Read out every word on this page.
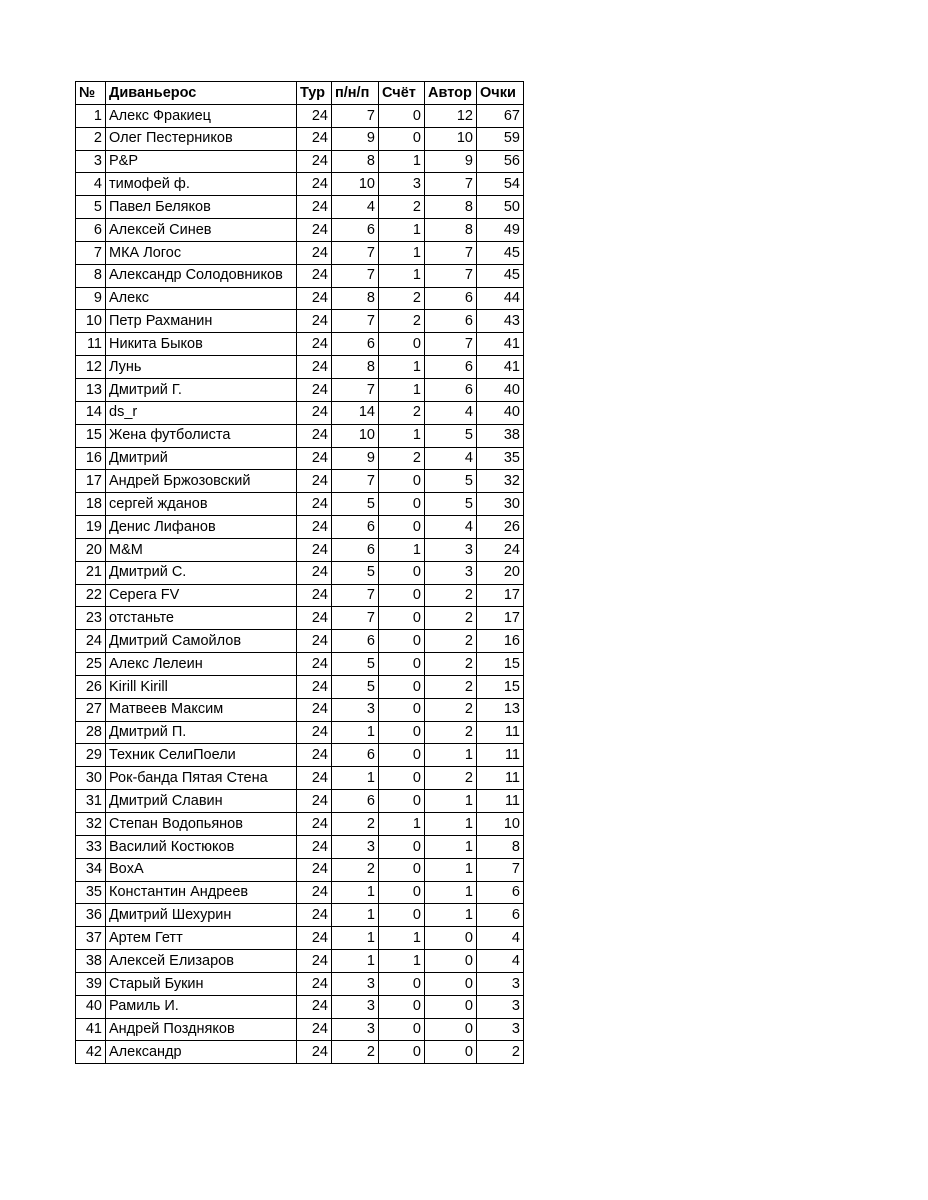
№	Диваньерос	Тур	п/н/п	Счёт	Автор	Очки
1	Алекс Фракиец	24	7	0	12	67
2	Олег Пестерников	24	9	0	10	59
3	P&P	24	8	1	9	56
4	тимофей ф.	24	10	3	7	54
5	Павел Беляков	24	4	2	8	50
6	Алексей Синев	24	6	1	8	49
7	МКА Логос	24	7	1	7	45
8	Александр Солодовников	24	7	1	7	45
9	Алекс	24	8	2	6	44
10	Петр Рахманин	24	7	2	6	43
11	Никита Быков	24	6	0	7	41
12	Лунь	24	8	1	6	41
13	Дмитрий Г.	24	7	1	6	40
14	ds_r	24	14	2	4	40
15	Жена футболиста	24	10	1	5	38
16	Дмитрий	24	9	2	4	35
17	Андрей Бржозовский	24	7	0	5	32
18	сергей жданов	24	5	0	5	30
19	Денис Лифанов	24	6	0	4	26
20	M&M	24	6	1	3	24
21	Дмитрий С.	24	5	0	3	20
22	Серега FV	24	7	0	2	17
23	отстаньте	24	7	0	2	17
24	Дмитрий Самойлов	24	6	0	2	16
25	Алекс Лелеин	24	5	0	2	15
26	Kirill Kirill	24	5	0	2	15
27	Матвеев Максим	24	3	0	2	13
28	Дмитрий П.	24	1	0	2	11
29	Техник СелиПоели	24	6	0	1	11
30	Рок-банда Пятая Стена	24	1	0	2	11
31	Дмитрий Славин	24	6	0	1	11
32	Степан Водопьянов	24	2	1	1	10
33	Василий Костюков	24	3	0	1	8
34	BoxA	24	2	0	1	7
35	Константин Андреев	24	1	0	1	6
36	Дмитрий Шехурин	24	1	0	1	6
37	Артем Гетт	24	1	1	0	4
38	Алексей Елизаров	24	1	1	0	4
39	Старый Букин	24	3	0	0	3
40	Рамиль И.	24	3	0	0	3
41	Андрей Поздняков	24	3	0	0	3
42	Александр	24	2	0	0	2
